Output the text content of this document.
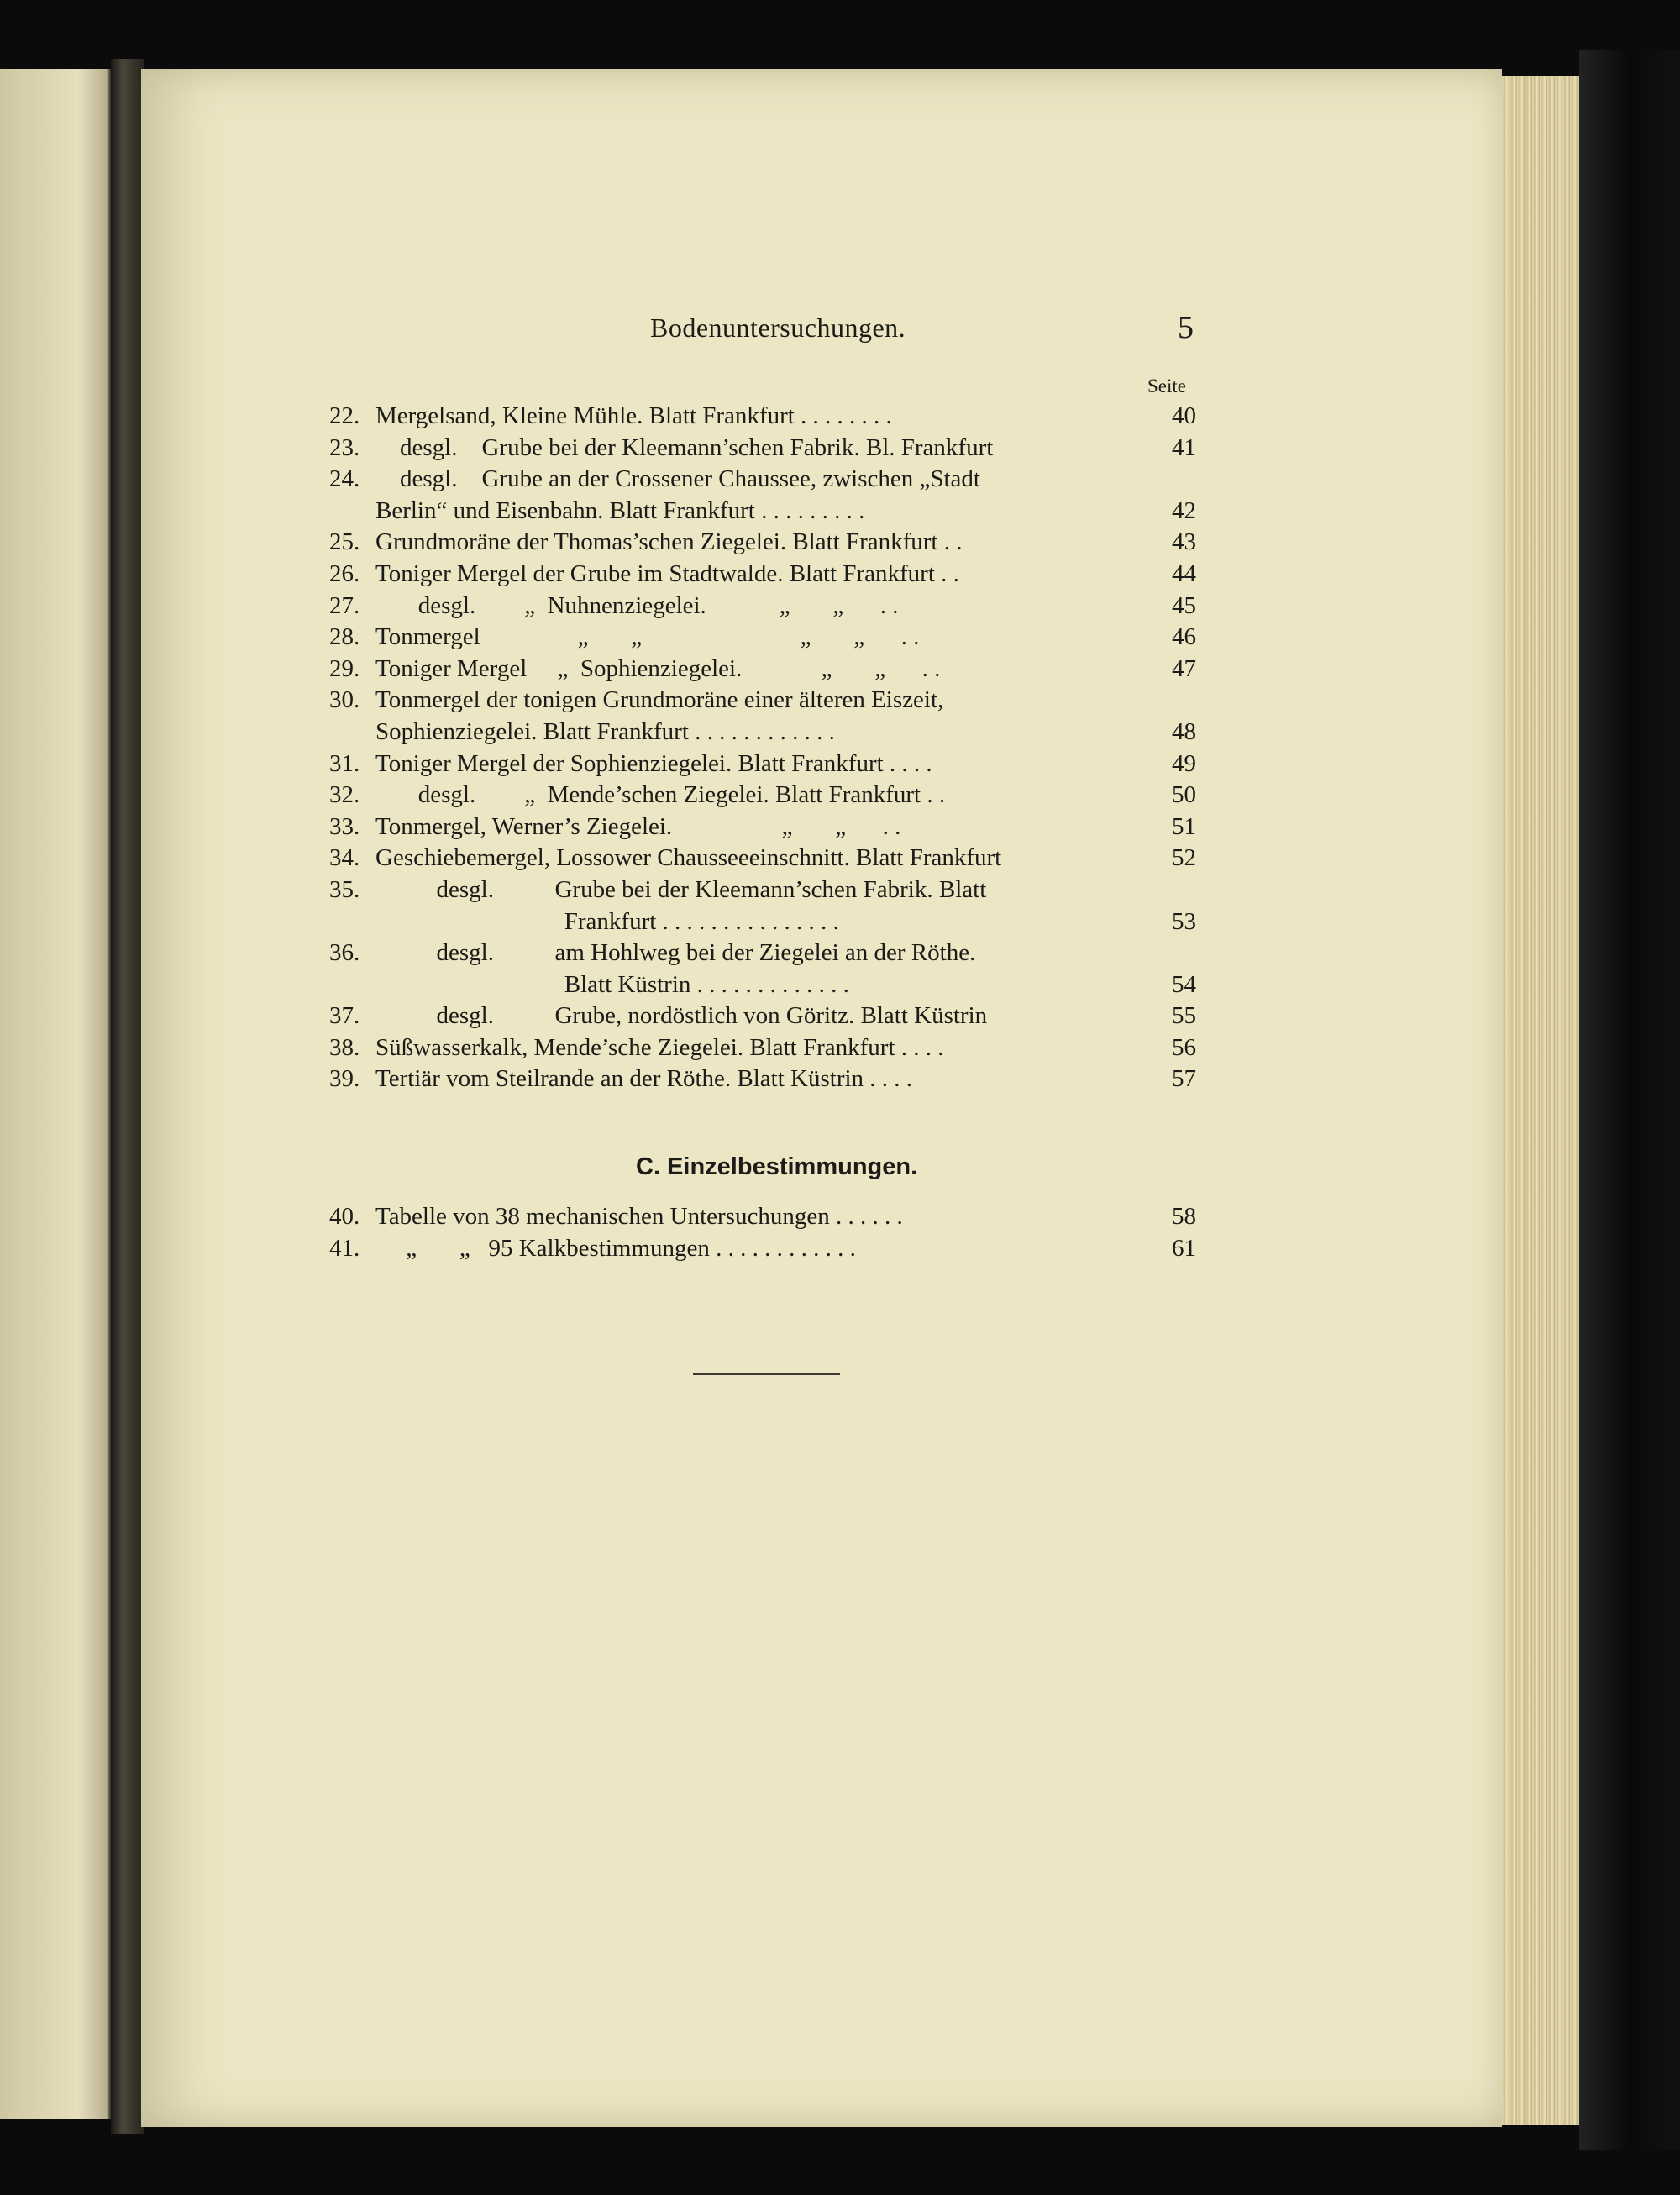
Bodenuntersuchungen.	5
Seite
22. Mergelsand, Kleine Mühle. Blatt Frankfurt . . . . . . . .	40
23. desgl.    Grube bei der Kleemann’schen Fabrik. Bl. Frankfurt	41
24. desgl.    Grube an der Crossener Chaussee, zwischen „Stadt
Berlin“ und Eisenbahn. Blatt Frankfurt . . . . . . . . .	42
25. Grundmoräne der Thomas’schen Ziegelei. Blatt Frankfurt . .	43
26. Toniger Mergel der Grube im Stadtwalde. Blatt Frankfurt . .	44
27. desgl.        „  Nuhnenziegelei.            „       „      . .	45
28. Tonmergel                „       „                          „       „      . .	46
29. Toniger Mergel     „  Sophienziegelei.             „       „      . .	47
30. Tonmergel der tonigen Grundmoräne einer älteren Eiszeit,
Sophienziegelei. Blatt Frankfurt . . . . . . . . . . . .	48
31. Toniger Mergel der Sophienziegelei. Blatt Frankfurt . . . .	49
32. desgl.        „  Mende’schen Ziegelei. Blatt Frankfurt . .	50
33. Tonmergel, Werner’s Ziegelei.                  „       „      . .	51
34. Geschiebemergel, Lossower Chausseeeinschnitt. Blatt Frankfurt	52
35. desgl.          Grube bei der Kleemann’schen Fabrik. Blatt
Frankfurt . . . . . . . . . . . . . . .	53
36. desgl.          am Hohlweg bei der Ziegelei an der Röthe.
Blatt Küstrin . . . . . . . . . . . . .	54
37. desgl.          Grube, nordöstlich von Göritz. Blatt Küstrin	55
38. Süßwasserkalk, Mende’sche Ziegelei. Blatt Frankfurt . . . .	56
39. Tertiär vom Steilrande an der Röthe. Blatt Küstrin . . . .	57
C. Einzelbestimmungen.
40. Tabelle von 38 mechanischen Untersuchungen . . . . . .	58
41. „       „   95 Kalkbestimmungen . . . . . . . . . . . .	61
